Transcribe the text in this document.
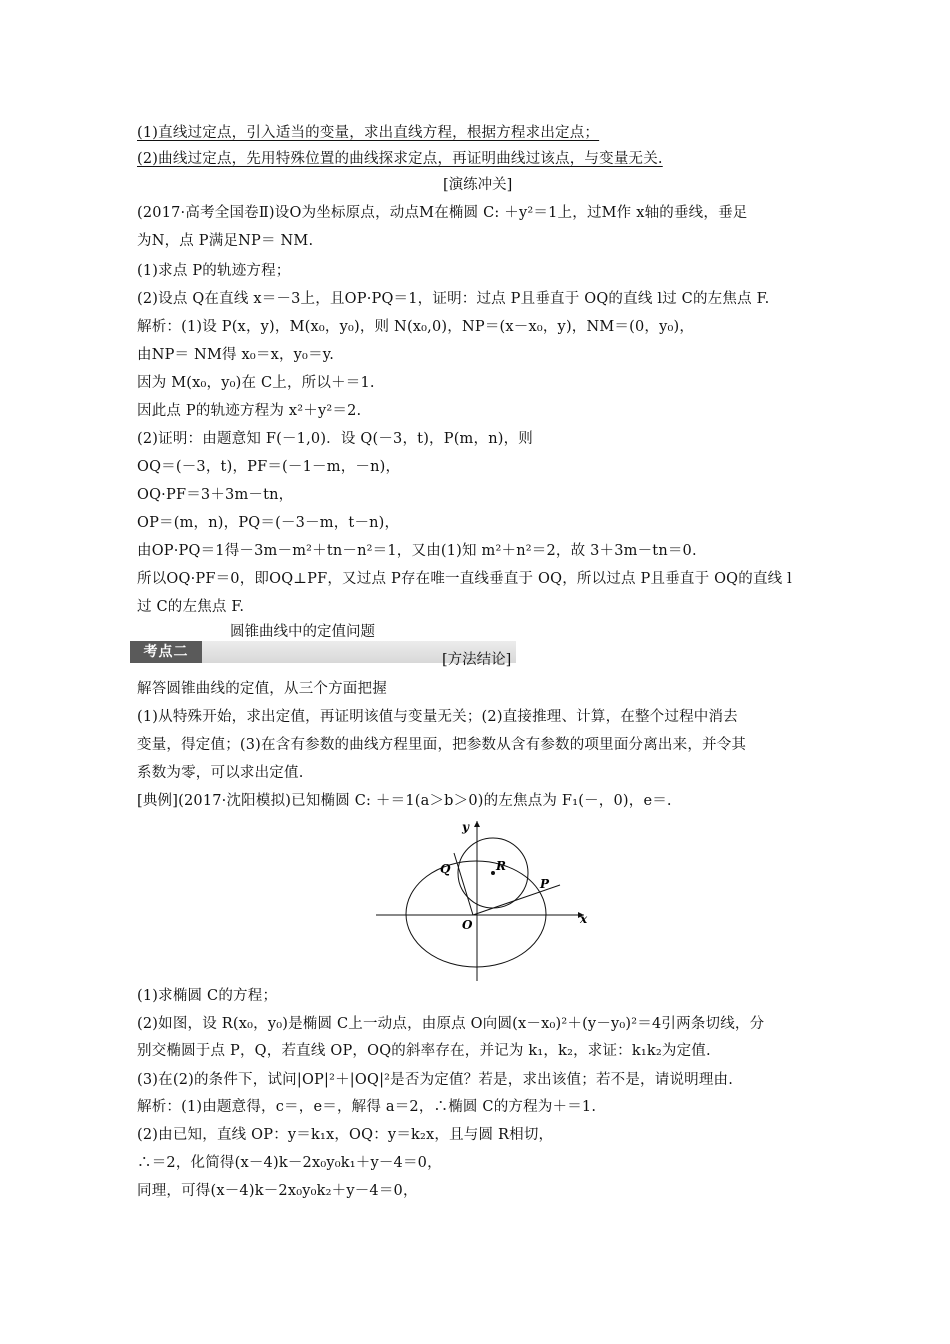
(1)直线过定点，引入适当的变量，求出直线方程，根据方程求出定点；
(2)曲线过定点，先用特殊位置的曲线探求定点，再证明曲线过该点，与变量无关.
[演练冲关]
(2017·高考全国卷Ⅱ)设O为坐标原点，动点M在椭圆 C: ＋y²＝1上，过M作 x轴的垂线，垂足
为N，点 P满足NP＝ NM.
(1)求点 P的轨迹方程；
(2)设点 Q在直线 x＝－3上，且OP·PQ＝1，证明：过点 P且垂直于 OQ的直线 l过 C的左焦点 F.
解析：(1)设 P(x，y)，M(x₀，y₀)，则 N(x₀,0)，NP＝(x－x₀，y)，NM＝(0，y₀)，
由NP＝ NM得 x₀＝x，y₀＝y.
因为 M(x₀，y₀)在 C上，所以＋＝1.
因此点 P的轨迹方程为 x²＋y²＝2.
(2)证明：由题意知 F(－1,0)．设 Q(－3，t)，P(m，n)，则
OQ＝(－3，t)，PF＝(－1－m，－n)，
OQ·PF＝3＋3m－tn，
OP＝(m，n)，PQ＝(－3－m，t－n)，
由OP·PQ＝1得－3m－m²＋tn－n²＝1，又由(1)知 m²＋n²＝2，故 3＋3m－tn＝0.
所以OQ·PF＝0，即OQ⊥PF，又过点 P存在唯一直线垂直于 OQ，所以过点 P且垂直于 OQ的直线 l
过 C的左焦点 F.
圆锥曲线中的定值问题
考点二	[方法结论]
解答圆锥曲线的定值，从三个方面把握
(1)从特殊开始，求出定值，再证明该值与变量无关；(2)直接推理、计算，在整个过程中消去
变量，得定值；(3)在含有参数的曲线方程里面，把参数从含有参数的项里面分离出来，并令其
系数为零，可以求出定值.
[典例](2017·沈阳模拟)已知椭圆 C: ＋＝1(a＞b＞0)的左焦点为 F₁(－，0)，e＝.
y
x
O
Q	R
P
(1)求椭圆 C的方程；
(2)如图，设 R(x₀，y₀)是椭圆 C上一动点，由原点 O向圆(x－x₀)²＋(y－y₀)²＝4引两条切线，分
别交椭圆于点 P，Q，若直线 OP，OQ的斜率存在，并记为 k₁，k₂，求证：k₁k₂为定值.
(3)在(2)的条件下，试问|OP|²＋|OQ|²是否为定值？若是，求出该值；若不是，请说明理由.
解析：(1)由题意得，c＝，e＝，解得 a＝2，∴椭圆 C的方程为＋＝1.
(2)由已知，直线 OP：y＝k₁x，OQ：y＝k₂x，且与圆 R相切，
∴＝2，化简得(x－4)k－2x₀y₀k₁＋y－4＝0，
同理，可得(x－4)k－2x₀y₀k₂＋y－4＝0，
